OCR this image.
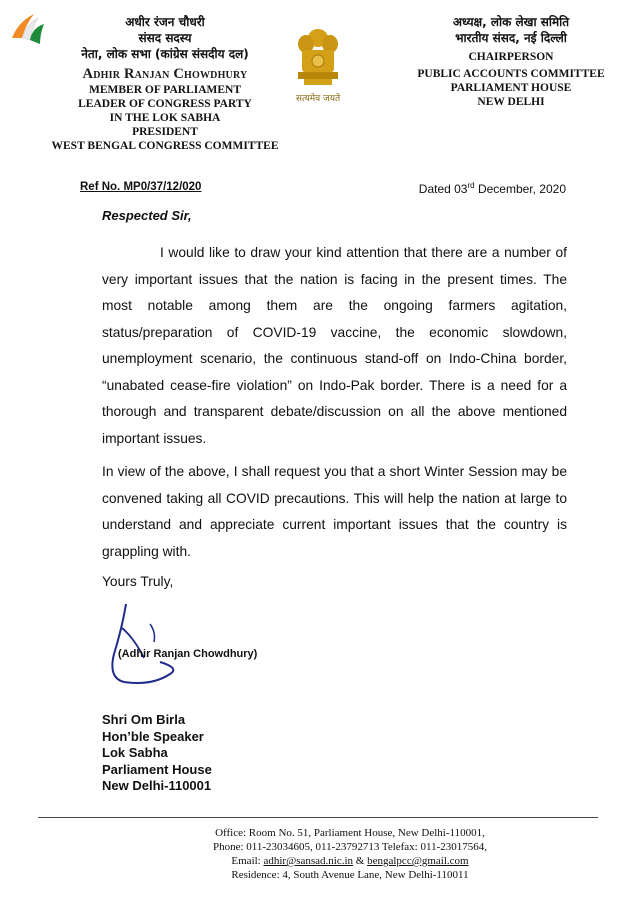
अधीर रंजन चौधरी
संसद सदस्य
नेता, लोक सभा (कांग्रेस संसदीय दल)
Adhir Ranjan Chowdhury
MEMBER OF PARLIAMENT
LEADER OF CONGRESS PARTY
IN THE LOK SABHA
PRESIDENT
WEST BENGAL CONGRESS COMMITTEE
सत्यमेव जयते
अध्यक्ष, लोक लेखा समिति
भारतीय संसद, नई दिल्ली
CHAIRPERSON
PUBLIC ACCOUNTS COMMITTEE
PARLIAMENT HOUSE
NEW DELHI
Ref No. MP0/37/12/020	Dated 03rd December, 2020
Respected Sir,
I would like to draw your kind attention that there are a number of very important issues that the nation is facing in the present times. The most notable among them are the ongoing farmers agitation, status/preparation of COVID-19 vaccine, the economic slowdown, unemployment scenario, the continuous stand-off on Indo-China border, “unabated cease-fire violation” on Indo-Pak border. There is a need for a thorough and transparent debate/discussion on all the above mentioned important issues.
In view of the above, I shall request you that a short Winter Session may be convened taking all COVID precautions. This will help the nation at large to understand and appreciate current important issues that the country is grappling with.
Yours Truly,
(Adhir Ranjan Chowdhury)
Shri Om Birla
Hon’ble Speaker
Lok Sabha
Parliament House
New Delhi-110001
Office: Room No. 51, Parliament House, New Delhi-110001,
Phone: 011-23034605, 011-23792713 Telefax: 011-23017564,
Email: adhir@sansad.nic.in & bengalpcc@gmail.com
Residence: 4, South Avenue Lane, New Delhi-110011
